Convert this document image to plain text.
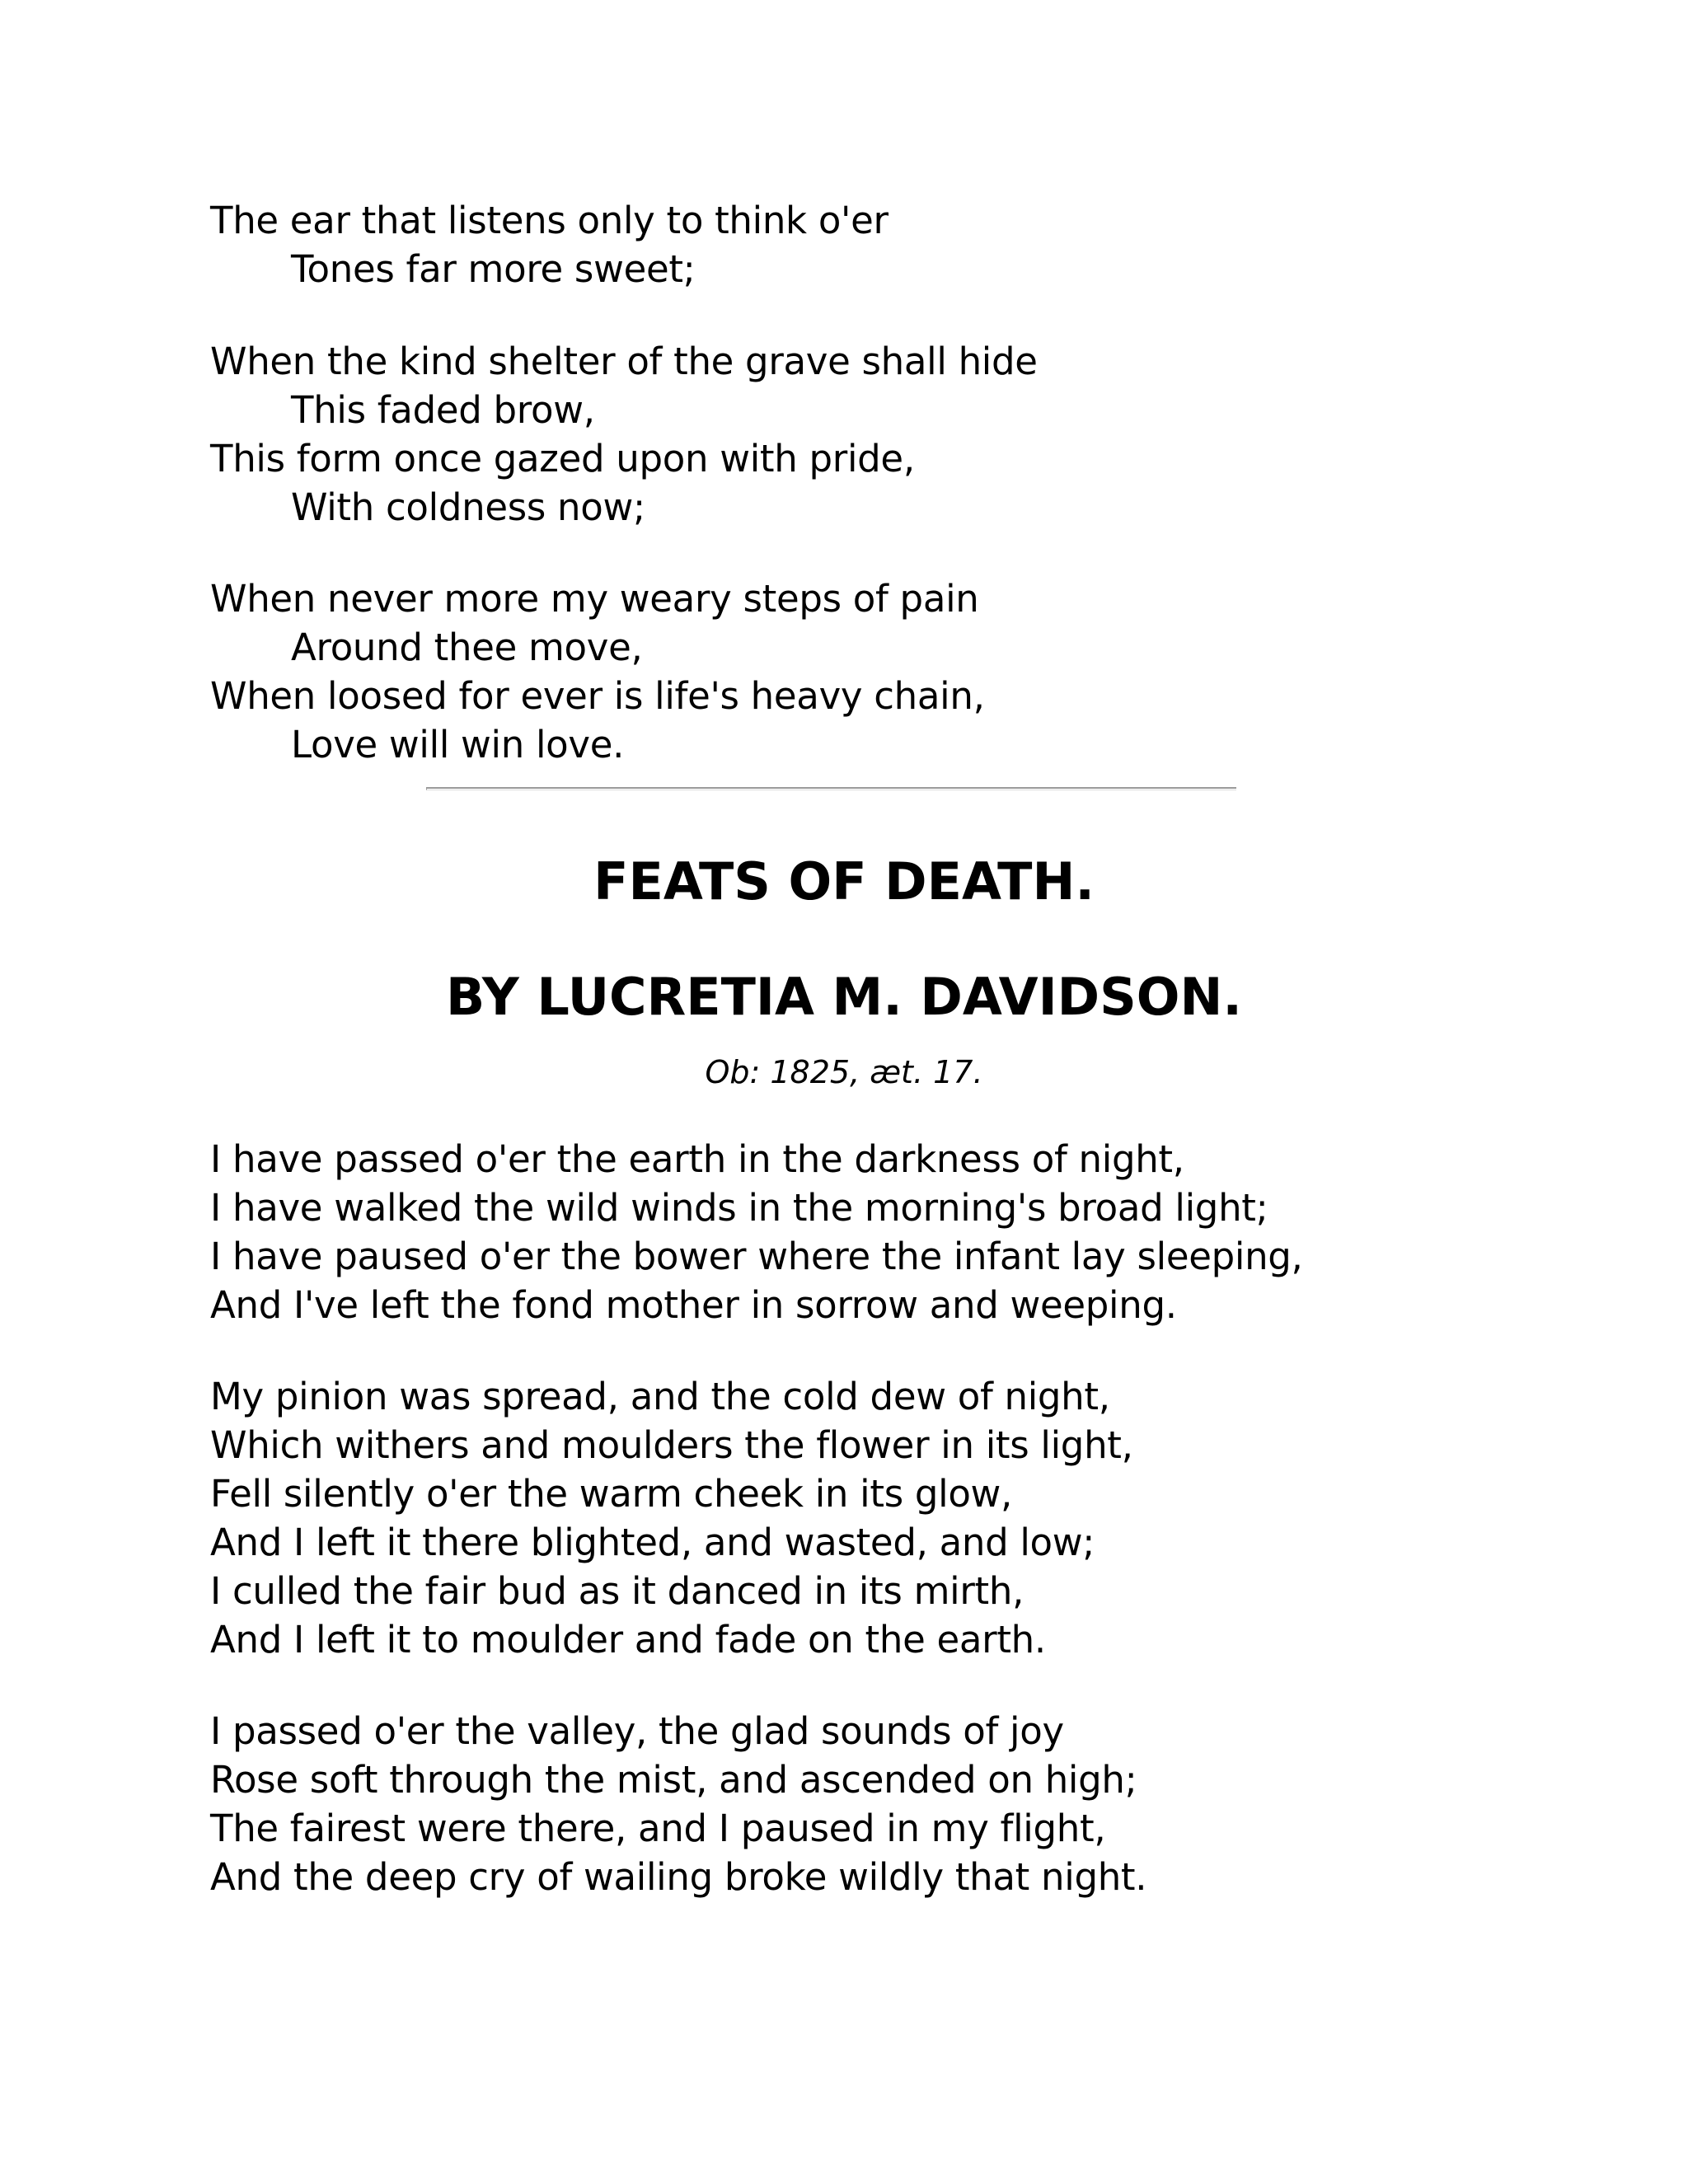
The ear that listens only to think o'er
Tones far more sweet;
When the kind shelter of the grave shall hide
This faded brow,
This form once gazed upon with pride,
With coldness now;
When never more my weary steps of pain
Around thee move,
When loosed for ever is life's heavy chain,
Love will win love.
FEATS OF DEATH.
BY LUCRETIA M. DAVIDSON.
Ob: 1825, æt. 17.
I have passed o'er the earth in the darkness of night,
I have walked the wild winds in the morning's broad light;
I have paused o'er the bower where the infant lay sleeping,
And I've left the fond mother in sorrow and weeping.
My pinion was spread, and the cold dew of night,
Which withers and moulders the flower in its light,
Fell silently o'er the warm cheek in its glow,
And I left it there blighted, and wasted, and low;
I culled the fair bud as it danced in its mirth,
And I left it to moulder and fade on the earth.
I passed o'er the valley, the glad sounds of joy
Rose soft through the mist, and ascended on high;
The fairest were there, and I paused in my flight,
And the deep cry of wailing broke wildly that night.
